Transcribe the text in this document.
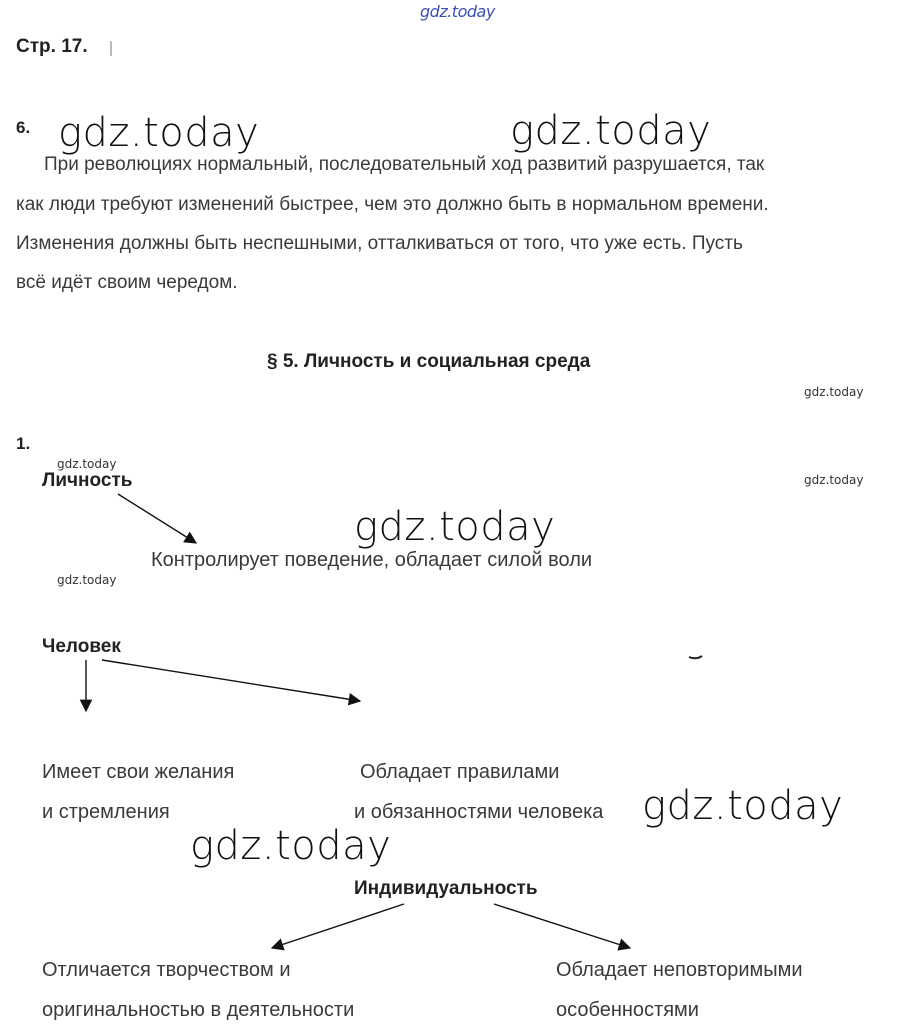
gdz.today
gdz.today	gdz.today
gdz.today
gdz.today
gdz.today
gdz.today
gdz.today
gdz.today
gdz.today
Стр. 17.
6.
При революциях нормальный, последовательный ход развитий разрушается, так
как люди требуют изменений быстрее, чем это должно быть в нормальном времени.
Изменения должны быть неспешными, отталкиваться от того, что уже есть. Пусть
всё идёт своим чередом.
§ 5. Личность и социальная среда
1.
Личность
Контролирует поведение, обладает силой воли
Человек
Имеет свои желания
и стремления
Обладает правилами
и обязанностями человека
Индивидуальность
Отличается творчеством и
оригинальностью в деятельности
Обладает неповторимыми
особенностями
